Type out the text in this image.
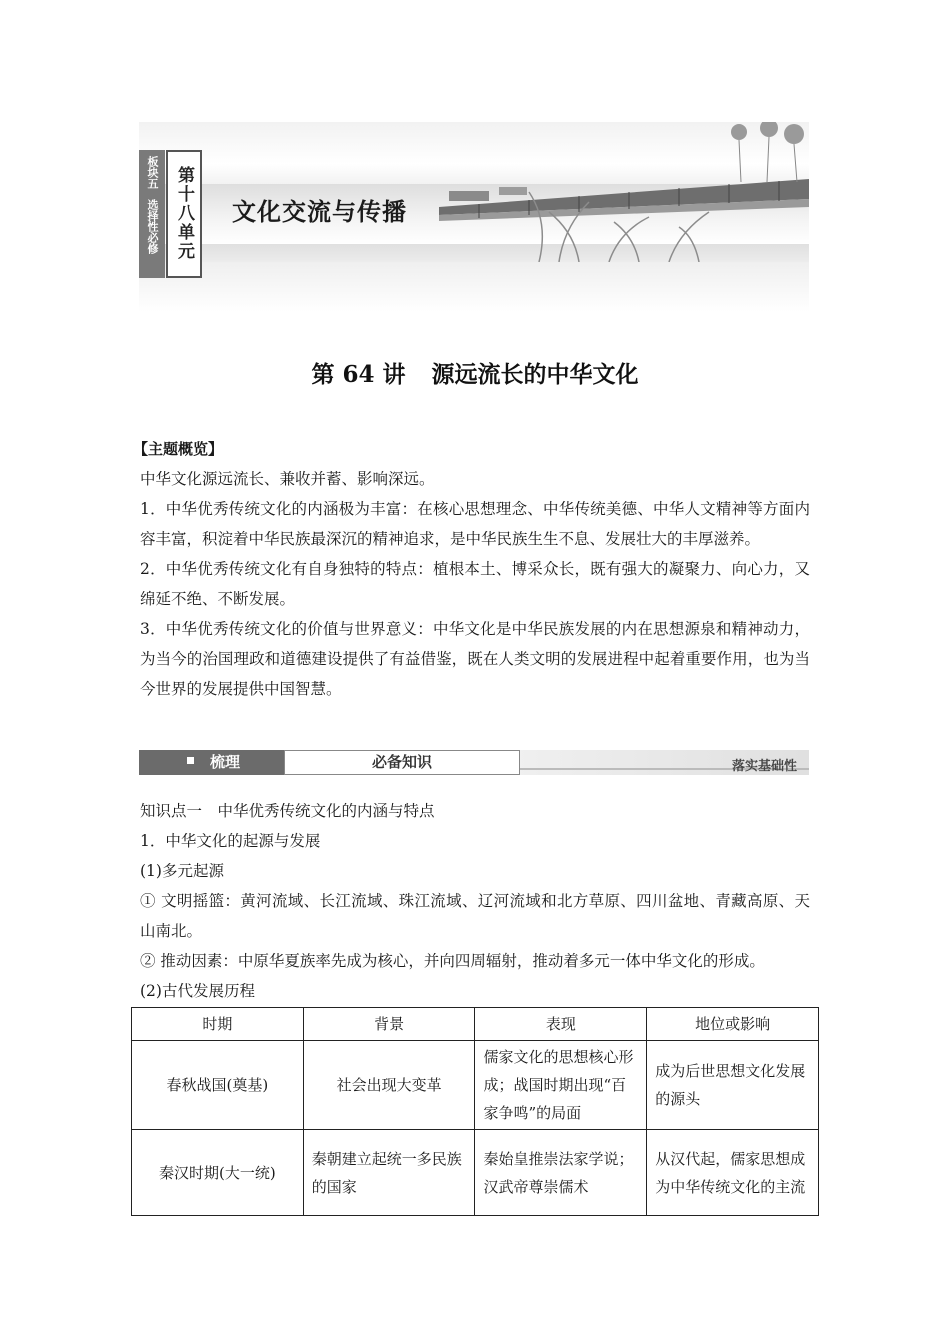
板块五
选择性必修 第十八单元 文化交流与传播
第 64 讲 源远流长的中华文化

【主题概览】

中华文化源远流长、兼收并蓄、影响深远。

1．中华优秀传统文化的内涵极为丰富：在核心思想理念、中华传统美德、中华人文精神等方面内容丰富，积淀着中华民族最深沉的精神追求，是中华民族生生不息、发展壮大的丰厚滋养。

2．中华优秀传统文化有自身独特的特点：植根本土、博采众长，既有强大的凝聚力、向心力，又绵延不绝、不断发展。

3．中华优秀传统文化的价值与世界意义：中华文化是中华民族发展的内在思想源泉和精神动力，为当今的治国理政和道德建设提供了有益借鉴，既在人类文明的发展进程中起着重要作用，也为当今世界的发展提供中国智慧。

梳理	必备知识	落实基础性

知识点一　中华优秀传统文化的内涵与特点

1．中华文化的起源与发展

(1)多元起源

① 文明摇篮：黄河流域、长江流域、珠江流域、辽河流域和北方草原、四川盆地、青藏高原、天山南北。

② 推动因素：中原华夏族率先成为核心，并向四周辐射，推动着多元一体中华文化的形成。

(2)古代发展历程

时期	背景	表现	地位或影响
春秋战国(奠基)	社会出现大变革	儒家文化的思想核心形成；战国时期出现“百家争鸣”的局面	成为后世思想文化发展的源头
秦汉时期(大一统)	秦朝建立起统一多民族的国家	秦始皇推崇法家学说；汉武帝尊崇儒术	从汉代起，儒家思想成为中华传统文化的主流
